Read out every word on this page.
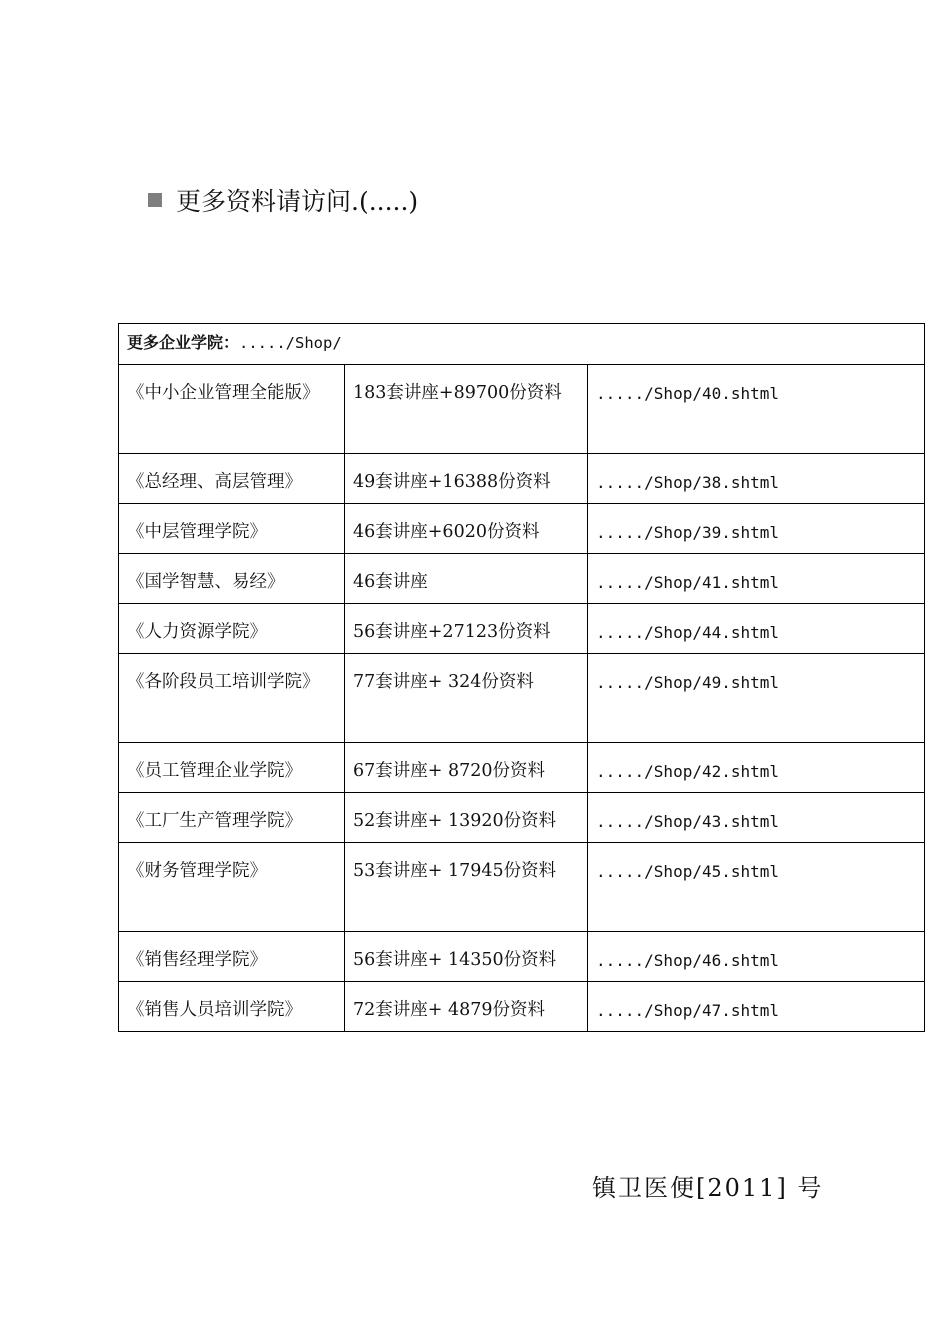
更多资料请访问.(.....)
更多企业学院：...../Shop/		
《中小企业管理全能版》	183套讲座+89700份资料	...../Shop/40.shtml
《总经理、高层管理》	49套讲座+16388份资料	...../Shop/38.shtml
《中层管理学院》	46套讲座+6020份资料	...../Shop/39.shtml
《国学智慧、易经》	46套讲座	...../Shop/41.shtml
《人力资源学院》	56套讲座+27123份资料	...../Shop/44.shtml
《各阶段员工培训学院》	77套讲座+ 324份资料	...../Shop/49.shtml
《员工管理企业学院》	67套讲座+ 8720份资料	...../Shop/42.shtml
《工厂生产管理学院》	52套讲座+ 13920份资料	...../Shop/43.shtml
《财务管理学院》	53套讲座+ 17945份资料	...../Shop/45.shtml
《销售经理学院》	56套讲座+ 14350份资料	...../Shop/46.shtml
《销售人员培训学院》	72套讲座+ 4879份资料	...../Shop/47.shtml
镇卫医便[2011] 号
